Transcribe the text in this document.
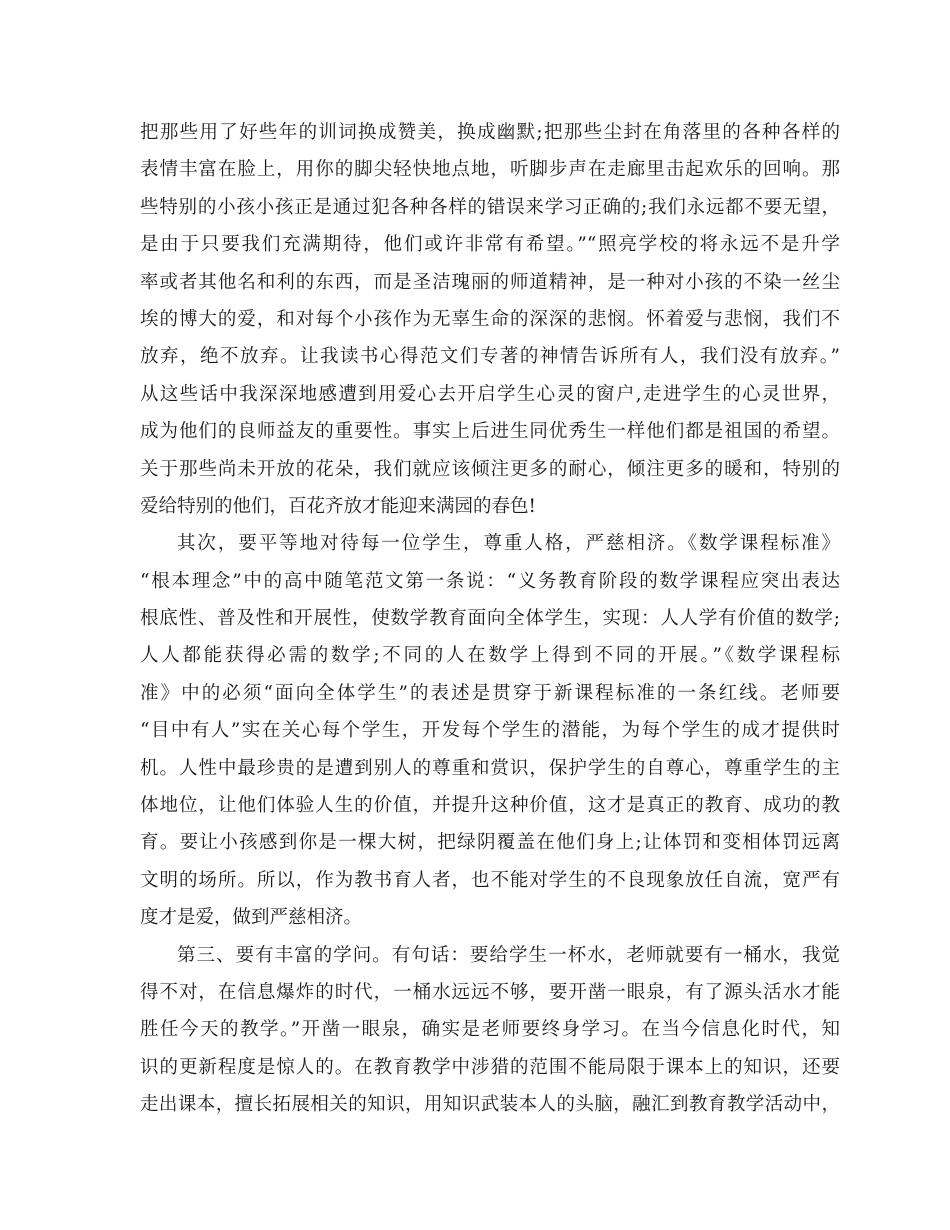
把那些用了好些年的训词换成赞美，换成幽默;把那些尘封在角落里的各种各样的
表情丰富在脸上，用你的脚尖轻快地点地，听脚步声在走廊里击起欢乐的回响。那
些特别的小孩小孩正是通过犯各种各样的错误来学习正确的;我们永远都不要无望，
是由于只要我们充满期待，他们或许非常有希望。”“照亮学校的将永远不是升学
率或者其他名和利的东西，而是圣洁瑰丽的师道精神，是一种对小孩的不染一丝尘
埃的博大的爱，和对每个小孩作为无辜生命的深深的悲悯。怀着爱与悲悯，我们不
放弃，绝不放弃。让我读书心得范文们专著的神情告诉所有人，我们没有放弃。”
从这些话中我深深地感遭到用爱心去开启学生心灵的窗户,走进学生的心灵世界，
成为他们的良师益友的重要性。事实上后进生同优秀生一样他们都是祖国的希望。
关于那些尚未开放的花朵，我们就应该倾注更多的耐心，倾注更多的暖和，特别的
爱给特别的他们，百花齐放才能迎来满园的春色!
其次，要平等地对待每一位学生，尊重人格，严慈相济。《数学课程标准》
“根本理念”中的高中随笔范文第一条说：“义务教育阶段的数学课程应突出表达
根底性、普及性和开展性，使数学教育面向全体学生，实现：人人学有价值的数学;
人人都能获得必需的数学;不同的人在数学上得到不同的开展。”《数学课程标
准》中的必须“面向全体学生”的表述是贯穿于新课程标准的一条红线。老师要
“目中有人”实在关心每个学生，开发每个学生的潜能，为每个学生的成才提供时
机。人性中最珍贵的是遭到别人的尊重和赏识，保护学生的自尊心，尊重学生的主
体地位，让他们体验人生的价值，并提升这种价值，这才是真正的教育、成功的教
育。要让小孩感到你是一棵大树，把绿阴覆盖在他们身上;让体罚和变相体罚远离
文明的场所。所以，作为教书育人者，也不能对学生的不良现象放任自流，宽严有
度才是爱，做到严慈相济。
第三、要有丰富的学问。有句话：要给学生一杯水，老师就要有一桶水，我觉
得不对，在信息爆炸的时代，一桶水远远不够，要开凿一眼泉，有了源头活水才能
胜任今天的教学。”开凿一眼泉，确实是老师要终身学习。在当今信息化时代，知
识的更新程度是惊人的。在教育教学中涉猎的范围不能局限于课本上的知识，还要
走出课本，擅长拓展相关的知识，用知识武装本人的头脑，融汇到教育教学活动中，
